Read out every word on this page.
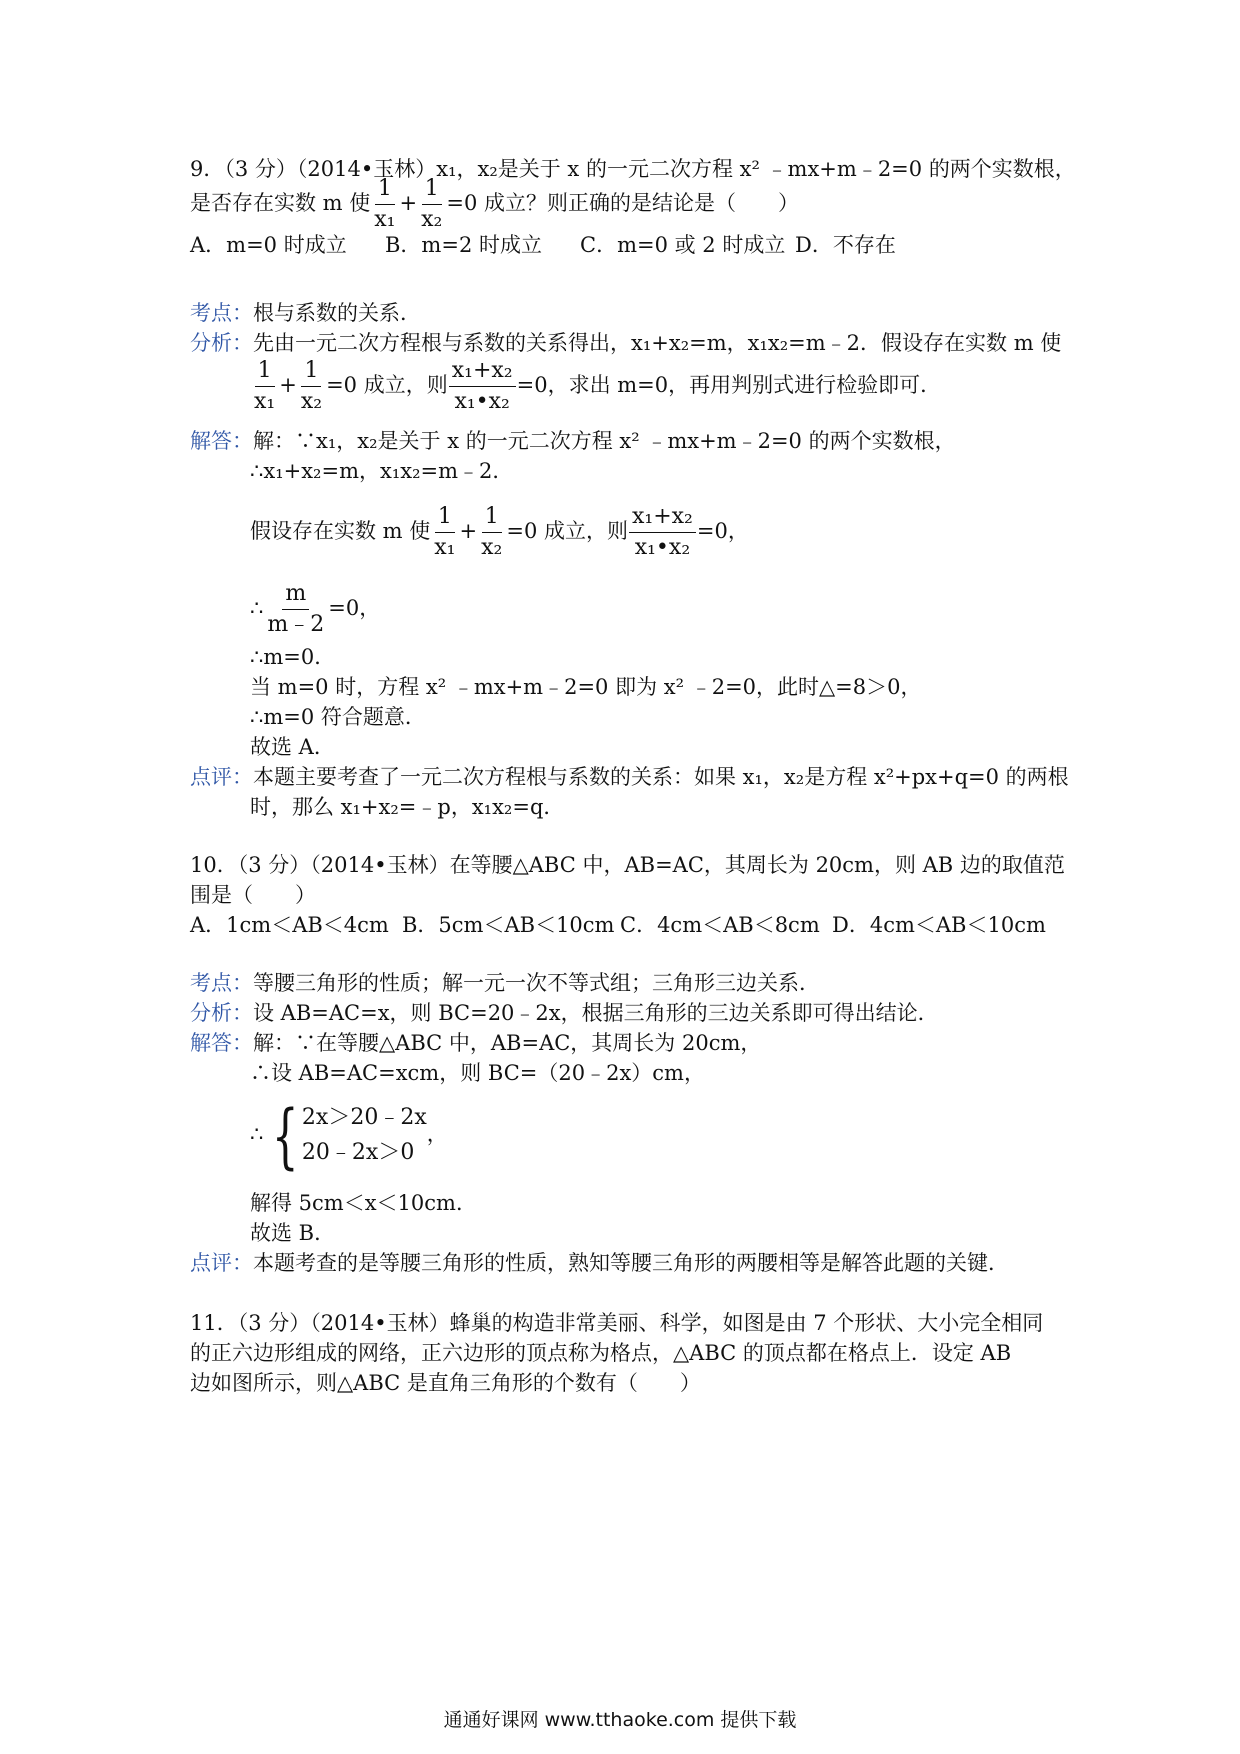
9．（3 分）（2014•玉林）x₁，x₂是关于 x 的一元二次方程 x² ﹣mx+m﹣2=0 的两个实数根，
是否存在实数 m 使 $\frac{1}{\text{x₁}} + \frac{1}{\text{x₂}} =0$ 成立？则正确的是结论是（　　）
A．m=0 时成立 B．m=2 时成立 C．m=0 或 2 时成立 D．不存在
考点：根与系数的关系．
分析：先由一元二次方程根与系数的关系得出，x₁+x₂=m，x₁x₂=m﹣2．假设存在实数 m 使
$\frac{1}{\text{x₁}} + \frac{1}{\text{x₂}} =0$ 成立，则 $\frac{\text{x₁+x₂}}{\text{x₁•x₂}} =0$，求出 m=0，再用判别式进行检验即可．
解答：解：∵x₁，x₂是关于 x 的一元二次方程 x² ﹣mx+m﹣2=0 的两个实数根，
∴x₁+x₂=m，x₁x₂=m﹣2．
假设存在实数 m 使 $\frac{1}{\text{x₁}} + \frac{1}{\text{x₂}} =0$ 成立，则 $\frac{\text{x₁+x₂}}{\text{x₁•x₂}} =0$，
∴ $\frac{m}{m﹣2} =0$，
∴m=0．
当 m=0 时，方程 x² ﹣mx+m﹣2=0 即为 x² ﹣2=0，此时△=8＞0，
∴m=0 符合题意．
故选 A．
点评：本题主要考查了一元二次方程根与系数的关系：如果 x₁，x₂是方程 x²+px+q=0 的两根
时，那么 x₁+x₂=﹣p，x₁x₂=q．
10．（3 分）（2014•玉林）在等腰△ABC 中，AB=AC，其周长为 20cm，则 AB 边的取值范
围是（　　）
A．1cm＜AB＜4cm B．5cm＜AB＜10cm C．4cm＜AB＜8cm D．4cm＜AB＜10cm
考点：等腰三角形的性质；解一元一次不等式组；三角形三边关系．
分析：设 AB=AC=x，则 BC=20﹣2x，根据三角形的三边关系即可得出结论．
解答：解：∵在等腰△ABC 中，AB=AC，其周长为 20cm，
∴设 AB=AC=xcm，则 BC=（20﹣2x）cm，
∴ { 2x＞20﹣2x
20﹣2x＞0
，
解得 5cm＜x＜10cm．
故选 B．
点评：本题考查的是等腰三角形的性质，熟知等腰三角形的两腰相等是解答此题的关键．
11．（3 分）（2014•玉林）蜂巢的构造非常美丽、科学，如图是由 7 个形状、大小完全相同
的正六边形组成的网络，正六边形的顶点称为格点，△ABC 的顶点都在格点上．设定 AB
边如图所示，则△ABC 是直角三角形的个数有（　　）
通通好课网 www.tthaoke.com 提供下载
